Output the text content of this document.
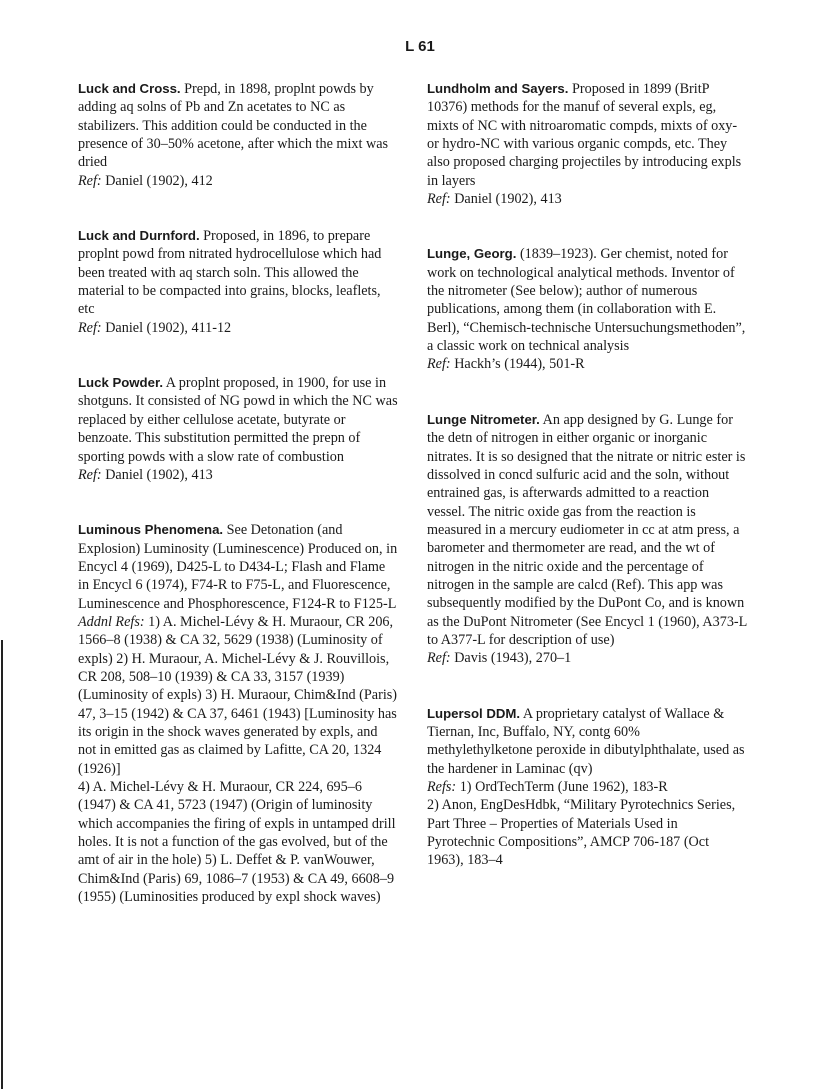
L 61

Luck and Cross. Prepd, in 1898, proplnt powds by adding aq solns of Pb and Zn acetates to NC as stabilizers. This addition could be conducted in the presence of 30–50% acetone, after which the mixt was dried

Ref: Daniel (1902), 412

Luck and Durnford. Proposed, in 1896, to prepare proplnt powd from nitrated hydrocellulose which had been treated with aq starch soln. This allowed the material to be compacted into grains, blocks, leaflets, etc

Ref: Daniel (1902), 411-12

Luck Powder. A proplnt proposed, in 1900, for use in shotguns. It consisted of NG powd in which the NC was replaced by either cellulose acetate, butyrate or benzoate. This substitution permitted the prepn of sporting powds with a slow rate of combustion

Ref: Daniel (1902), 413

Luminous Phenomena. See Detonation (and Explosion) Luminosity (Luminescence) Produced on, in Encycl 4 (1969), D425-L to D434-L; Flash and Flame in Encycl 6 (1974), F74-R to F75-L, and Fluorescence, Luminescence and Phosphorescence, F124-R to F125-L

Addnl Refs: 1) A. Michel-Lévy & H. Muraour, CR 206, 1566–8 (1938) & CA 32, 5629 (1938) (Luminosity of expls) 2) H. Muraour, A. Michel-Lévy & J. Rouvillois, CR 208, 508–10 (1939) & CA 33, 3157 (1939) (Luminosity of expls) 3) H. Muraour, Chim&Ind (Paris) 47, 3–15 (1942) & CA 37, 6461 (1943) [Luminosity has its origin in the shock waves generated by expls, and not in emitted gas as claimed by Lafitte, CA 20, 1324 (1926)]

4) A. Michel-Lévy & H. Muraour, CR 224, 695–6 (1947) & CA 41, 5723 (1947) (Origin of luminosity which accompanies the firing of expls in untamped drill holes. It is not a function of the gas evolved, but of the amt of air in the hole) 5) L. Deffet & P. vanWouwer, Chim&Ind (Paris) 69, 1086–7 (1953) & CA 49, 6608–9 (1955) (Luminosities produced by expl shock waves)

Lundholm and Sayers. Proposed in 1899 (BritP 10376) methods for the manuf of several expls, eg, mixts of NC with nitroaromatic compds, mixts of oxy- or hydro-NC with various organic compds, etc. They also proposed charging projectiles by introducing expls in layers

Ref: Daniel (1902), 413

Lunge, Georg. (1839–1923). Ger chemist, noted for work on technological analytical methods. Inventor of the nitrometer (See below); author of numerous publications, among them (in collaboration with E. Berl), “Chemisch-technische Untersuchungsmethoden”, a classic work on technical analysis

Ref: Hackh’s (1944), 501-R

Lunge Nitrometer. An app designed by G. Lunge for the detn of nitrogen in either organic or inorganic nitrates. It is so designed that the nitrate or nitric ester is dissolved in concd sulfuric acid and the soln, without entrained gas, is afterwards admitted to a reaction vessel. The nitric oxide gas from the reaction is measured in a mercury eudiometer in cc at atm press, a barometer and thermometer are read, and the wt of nitrogen in the nitric oxide and the percentage of nitrogen in the sample are calcd (Ref). This app was subsequently modified by the DuPont Co, and is known as the DuPont Nitrometer (See Encycl 1 (1960), A373-L to A377-L for description of use)

Ref: Davis (1943), 270–1

Lupersol DDM. A proprietary catalyst of Wallace & Tiernan, Inc, Buffalo, NY, contg 60% methylethylketone peroxide in dibutylphthalate, used as the hardener in Laminac (qv)

Refs: 1) OrdTechTerm (June 1962), 183-R

2) Anon, EngDesHdbk, “Military Pyrotechnics Series, Part Three – Properties of Materials Used in Pyrotechnic Compositions”, AMCP 706-187 (Oct 1963), 183–4
